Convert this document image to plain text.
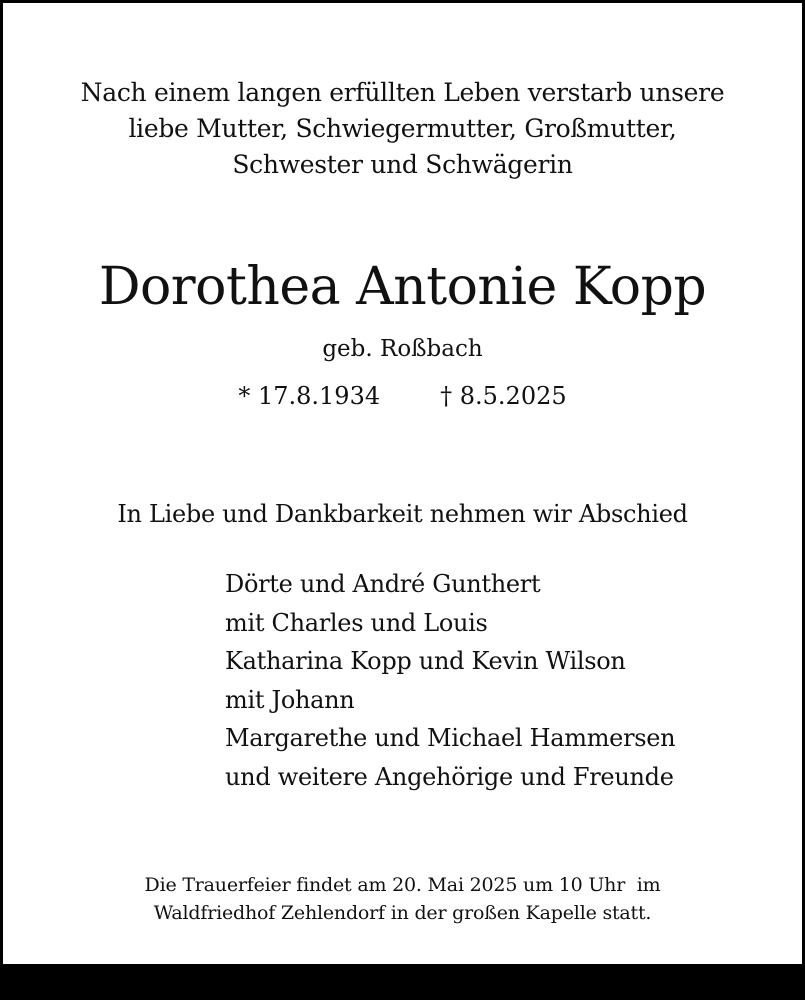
Nach einem langen erfüllten Leben verstarb unsere
liebe Mutter, Schwiegermutter, Großmutter,
Schwester und Schwägerin
Dorothea Antonie Kopp
geb. Roßbach
* 17.8.1934	† 8.5.2025
In Liebe und Dankbarkeit nehmen wir Abschied
Dörte und André Gunthert
mit Charles und Louis
Katharina Kopp und Kevin Wilson
mit Johann
Margarethe und Michael Hammersen
und weitere Angehörige und Freunde
Die Trauerfeier findet am 20. Mai 2025 um 10 Uhr  im
Waldfriedhof Zehlendorf in der großen Kapelle statt.
